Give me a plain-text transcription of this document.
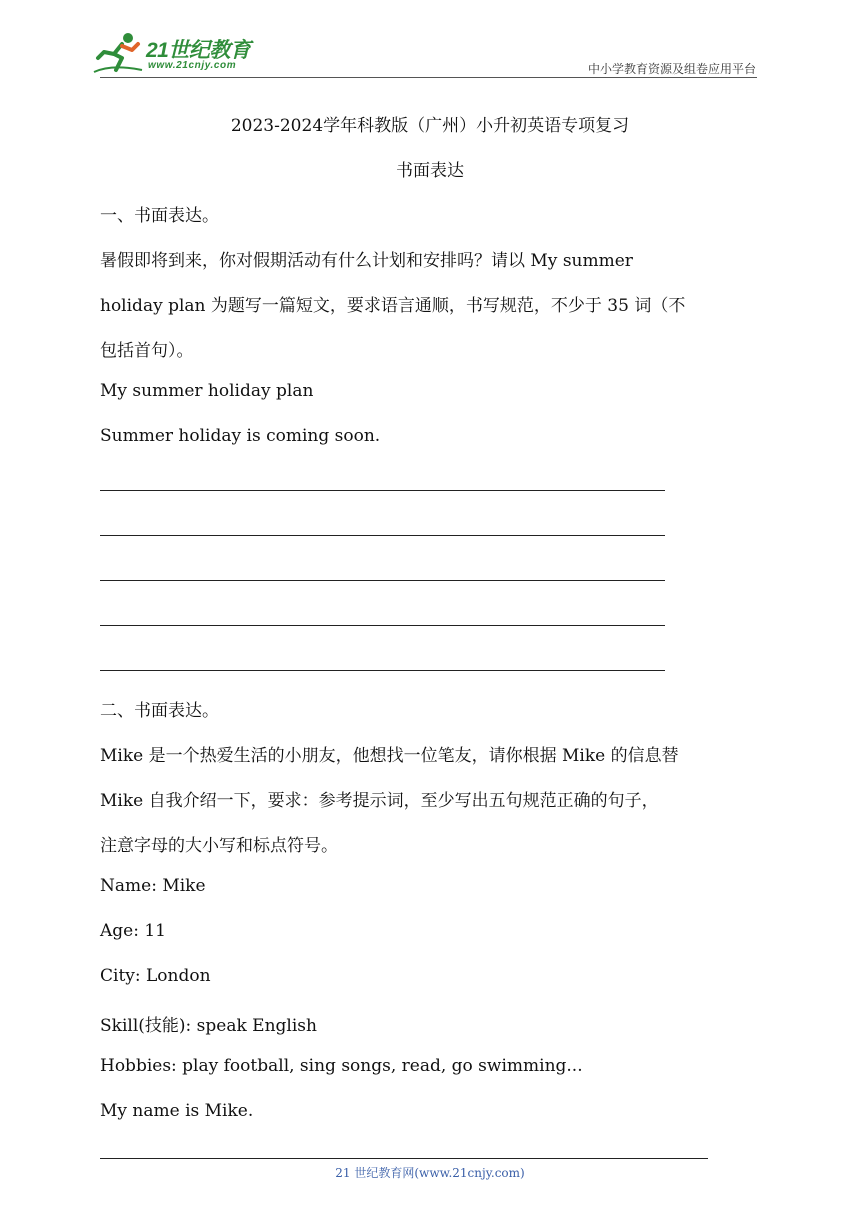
21世纪教育
www.21cnjy.com	中小学教育资源及组卷应用平台
2023-2024学年科教版（广州）小升初英语专项复习
书面表达
一、书面表达。
暑假即将到来，你对假期活动有什么计划和安排吗？请以 My summer
holiday plan 为题写一篇短文，要求语言通顺，书写规范，不少于 35 词（不
包括首句）。
My summer holiday plan
Summer holiday is coming soon.
二、书面表达。
Mike 是一个热爱生活的小朋友，他想找一位笔友，请你根据 Mike 的信息替
Mike 自我介绍一下，要求：参考提示词，至少写出五句规范正确的句子，
注意字母的大小写和标点符号。
Name: Mike
Age: 11
City: London
Skill(技能): speak English
Hobbies: play football, sing songs, read, go swimming...
My name is Mike.
21 世纪教育网(www.21cnjy.com)
